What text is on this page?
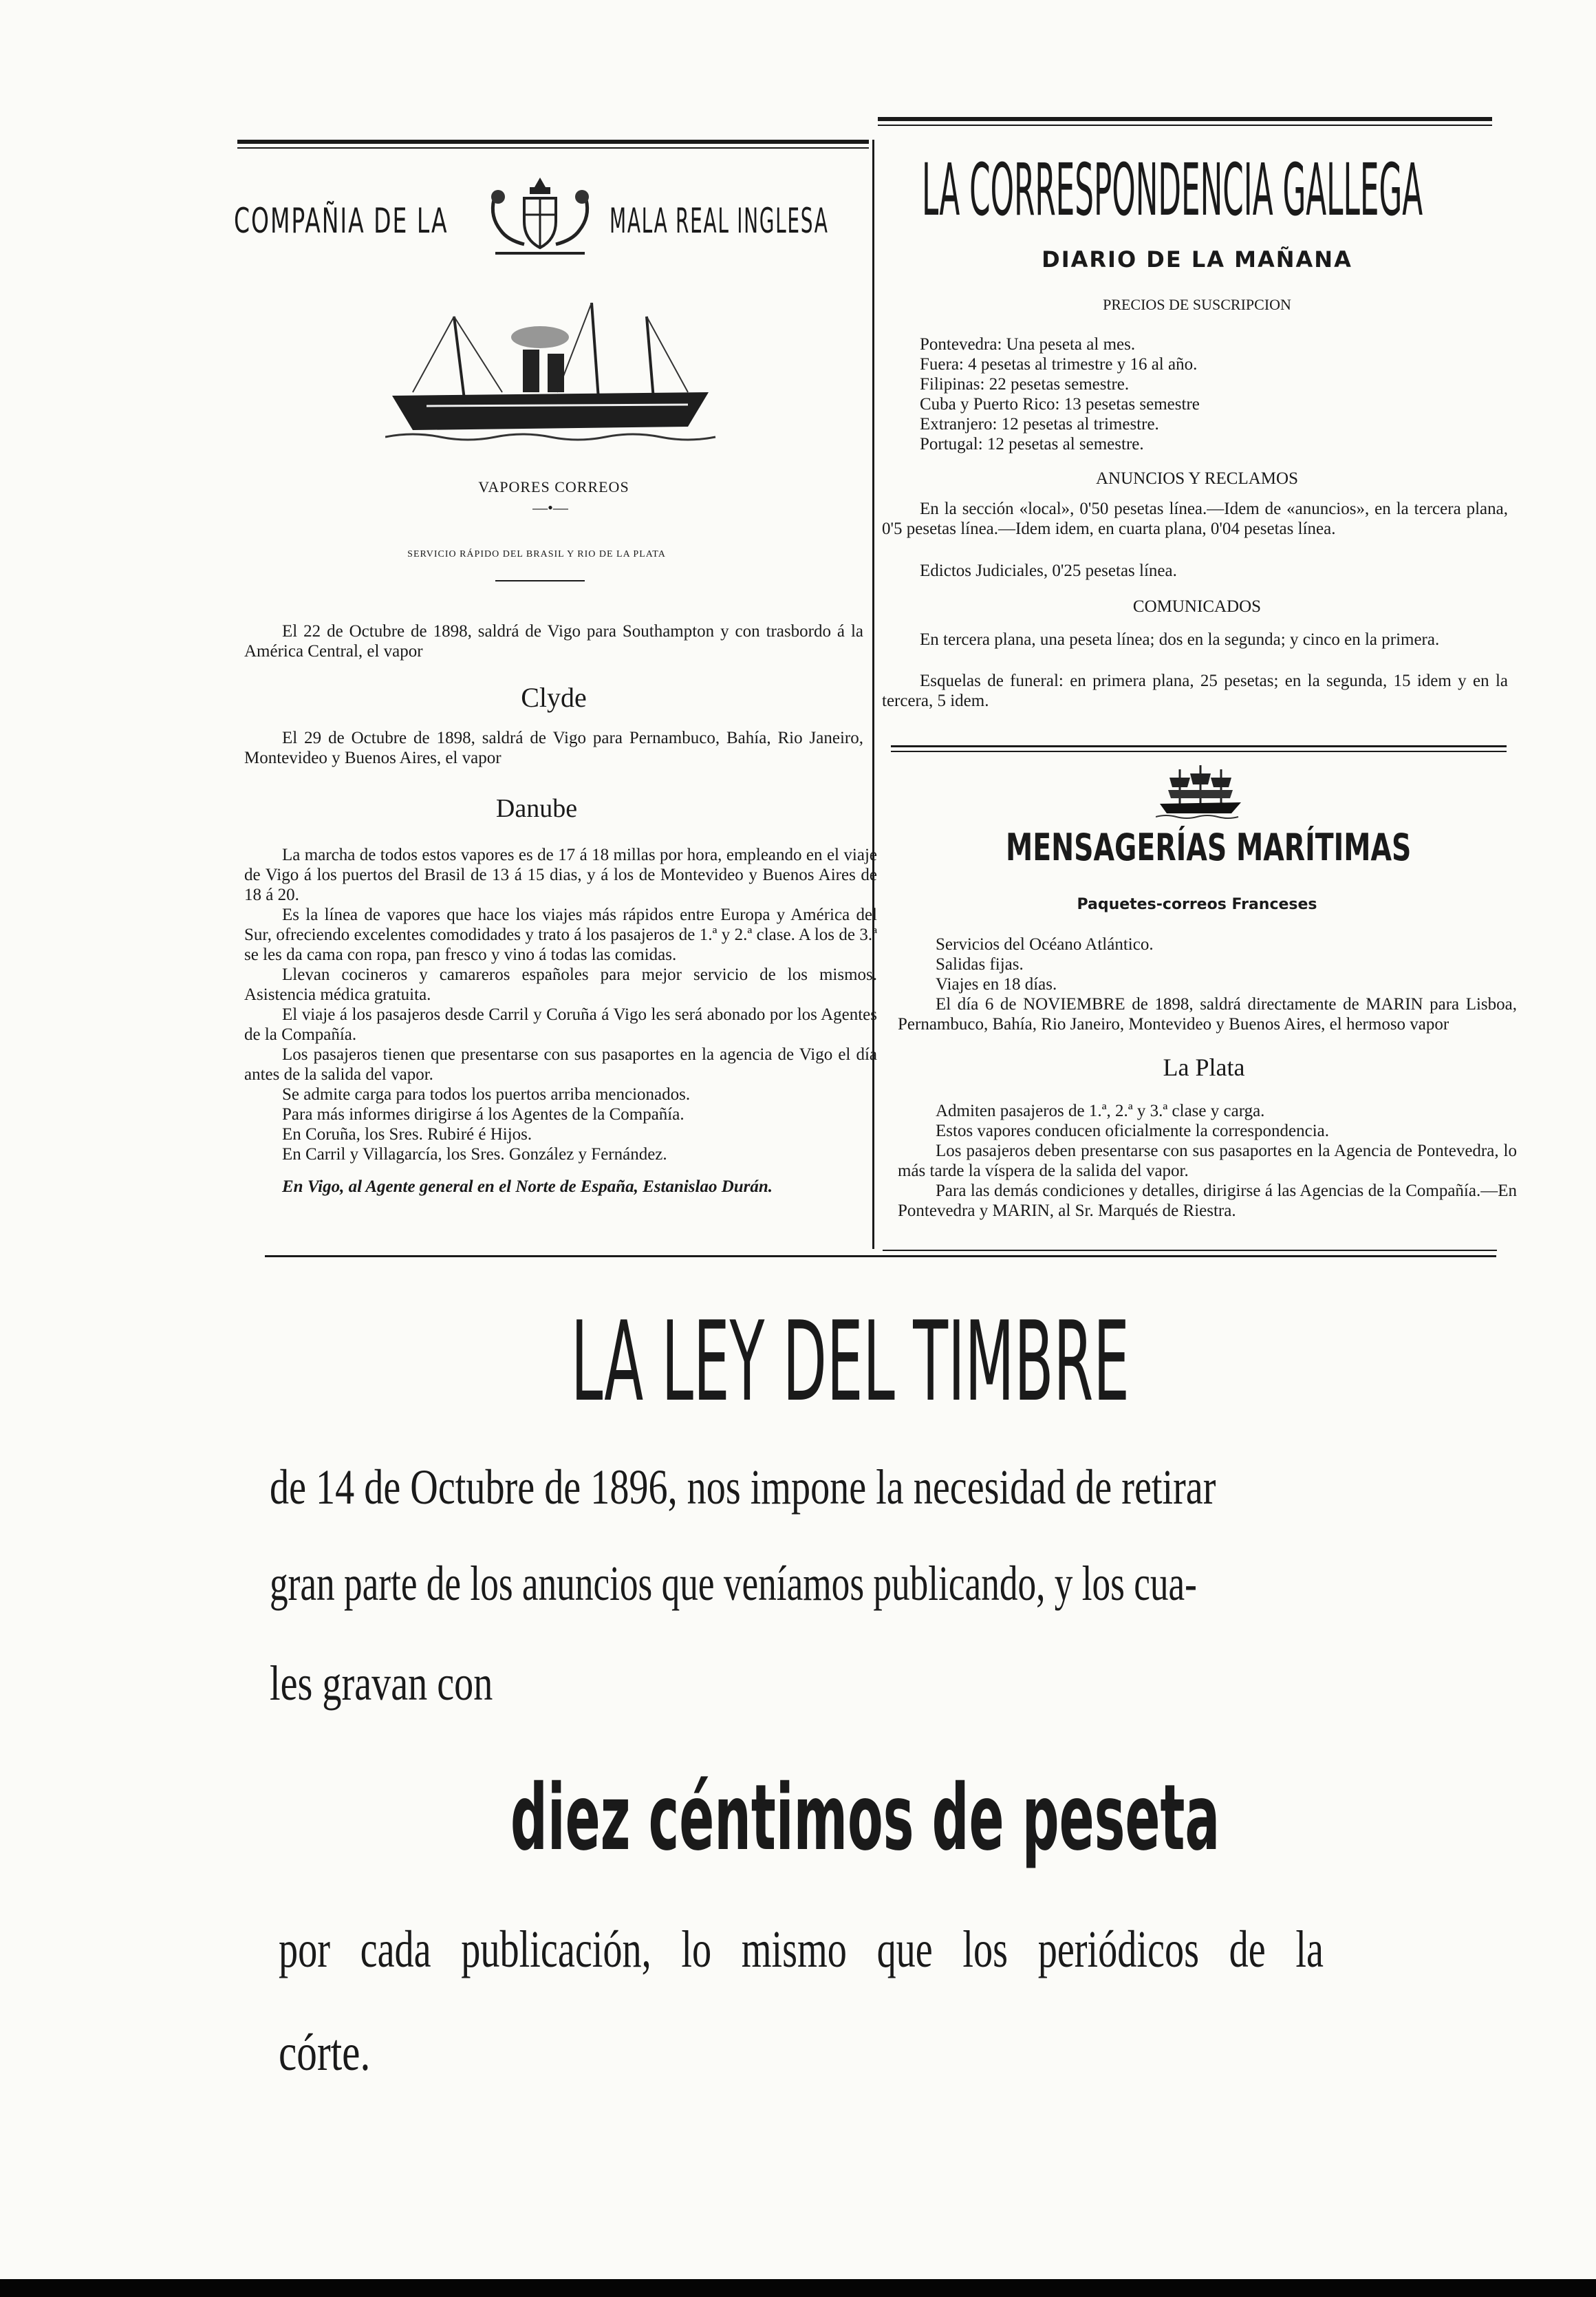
COMPAÑIA DE LA	MALA REAL INGLESA

VAPORES CORREOS

—•—

SERVICIO RÁPIDO DEL BRASIL Y RIO DE LA PLATA

El 22 de Octubre de 1898, saldrá de Vigo para Southampton y con trasbordo á la América Central, el vapor

Clyde

El 29 de Octubre de 1898, saldrá de Vigo para Pernambuco, Bahía, Rio Janeiro, Montevideo y Buenos Aires, el vapor

Danube

La marcha de todos estos vapores es de 17 á 18 millas por hora, empleando en el viaje de Vigo á los puertos del Brasil de 13 á 15 dias, y á los de Montevideo y Buenos Aires de 18 á 20.

Es la línea de vapores que hace los viajes más rápidos entre Europa y América del Sur, ofreciendo excelentes comodidades y trato á los pasajeros de 1.ª y 2.ª clase. A los de 3.ª se les da cama con ropa, pan fresco y vino á todas las comidas.

Llevan cocineros y camareros españoles para mejor servicio de los mismos. Asistencia médica gratuita.

El viaje á los pasajeros desde Carril y Coruña á Vigo les será abonado por los Agentes de la Compañía.

Los pasajeros tienen que presentarse con sus pasaportes en la agencia de Vigo el día antes de la salida del vapor.

Se admite carga para todos los puertos arriba mencionados.

Para más informes dirigirse á los Agentes de la Compañía.

En Coruña, los Sres. Rubiré é Hijos.

En Carril y Villagarcía, los Sres. González y Fernández.

En Vigo, al Agente general en el Norte de España, Estanislao Durán.

LA CORRESPONDENCIA GALLEGA

DIARIO DE LA MAÑANA

PRECIOS DE SUSCRIPCION

Pontevedra: Una peseta al mes.

Fuera: 4 pesetas al trimestre y 16 al año.

Filipinas: 22 pesetas semestre.

Cuba y Puerto Rico: 13 pesetas semestre

Extranjero: 12 pesetas al trimestre.

Portugal: 12 pesetas al semestre.

ANUNCIOS Y RECLAMOS

En la sección «local», 0'50 pesetas línea.—Idem de «anuncios», en la tercera plana, 0'5 pesetas línea.—Idem idem, en cuarta plana, 0'04 pesetas línea.

Edictos Judiciales, 0'25 pesetas línea.

COMUNICADOS

En tercera plana, una peseta línea; dos en la segunda; y cinco en la primera.

Esquelas de funeral: en primera plana, 25 pesetas; en la segunda, 15 idem y en la tercera, 5 idem.

MENSAGERÍAS MARÍTIMAS

Paquetes-correos Franceses

Servicios del Océano Atlántico.

Salidas fijas.

Viajes en 18 días.

El día 6 de NOVIEMBRE de 1898, saldrá directamente de MARIN para Lisboa, Pernambuco, Bahía, Rio Janeiro, Montevideo y Buenos Aires, el hermoso vapor

La Plata

Admiten pasajeros de 1.ª, 2.ª y 3.ª clase y carga.

Estos vapores conducen oficialmente la correspondencia.

Los pasajeros deben presentarse con sus pasaportes en la Agencia de Pontevedra, lo más tarde la víspera de la salida del vapor.

Para las demás condiciones y detalles, dirigirse á las Agencias de la Compañía.—En Pontevedra y MARIN, al Sr. Marqués de Riestra.

LA LEY DEL TIMBRE
de 14 de Octubre de 1896, nos impone la necesidad de retirar
gran parte de los anuncios que veníamos publicando, y los cua-
les gravan con
diez céntimos de peseta
por cada publicación, lo mismo que los periódicos de la
córte.
